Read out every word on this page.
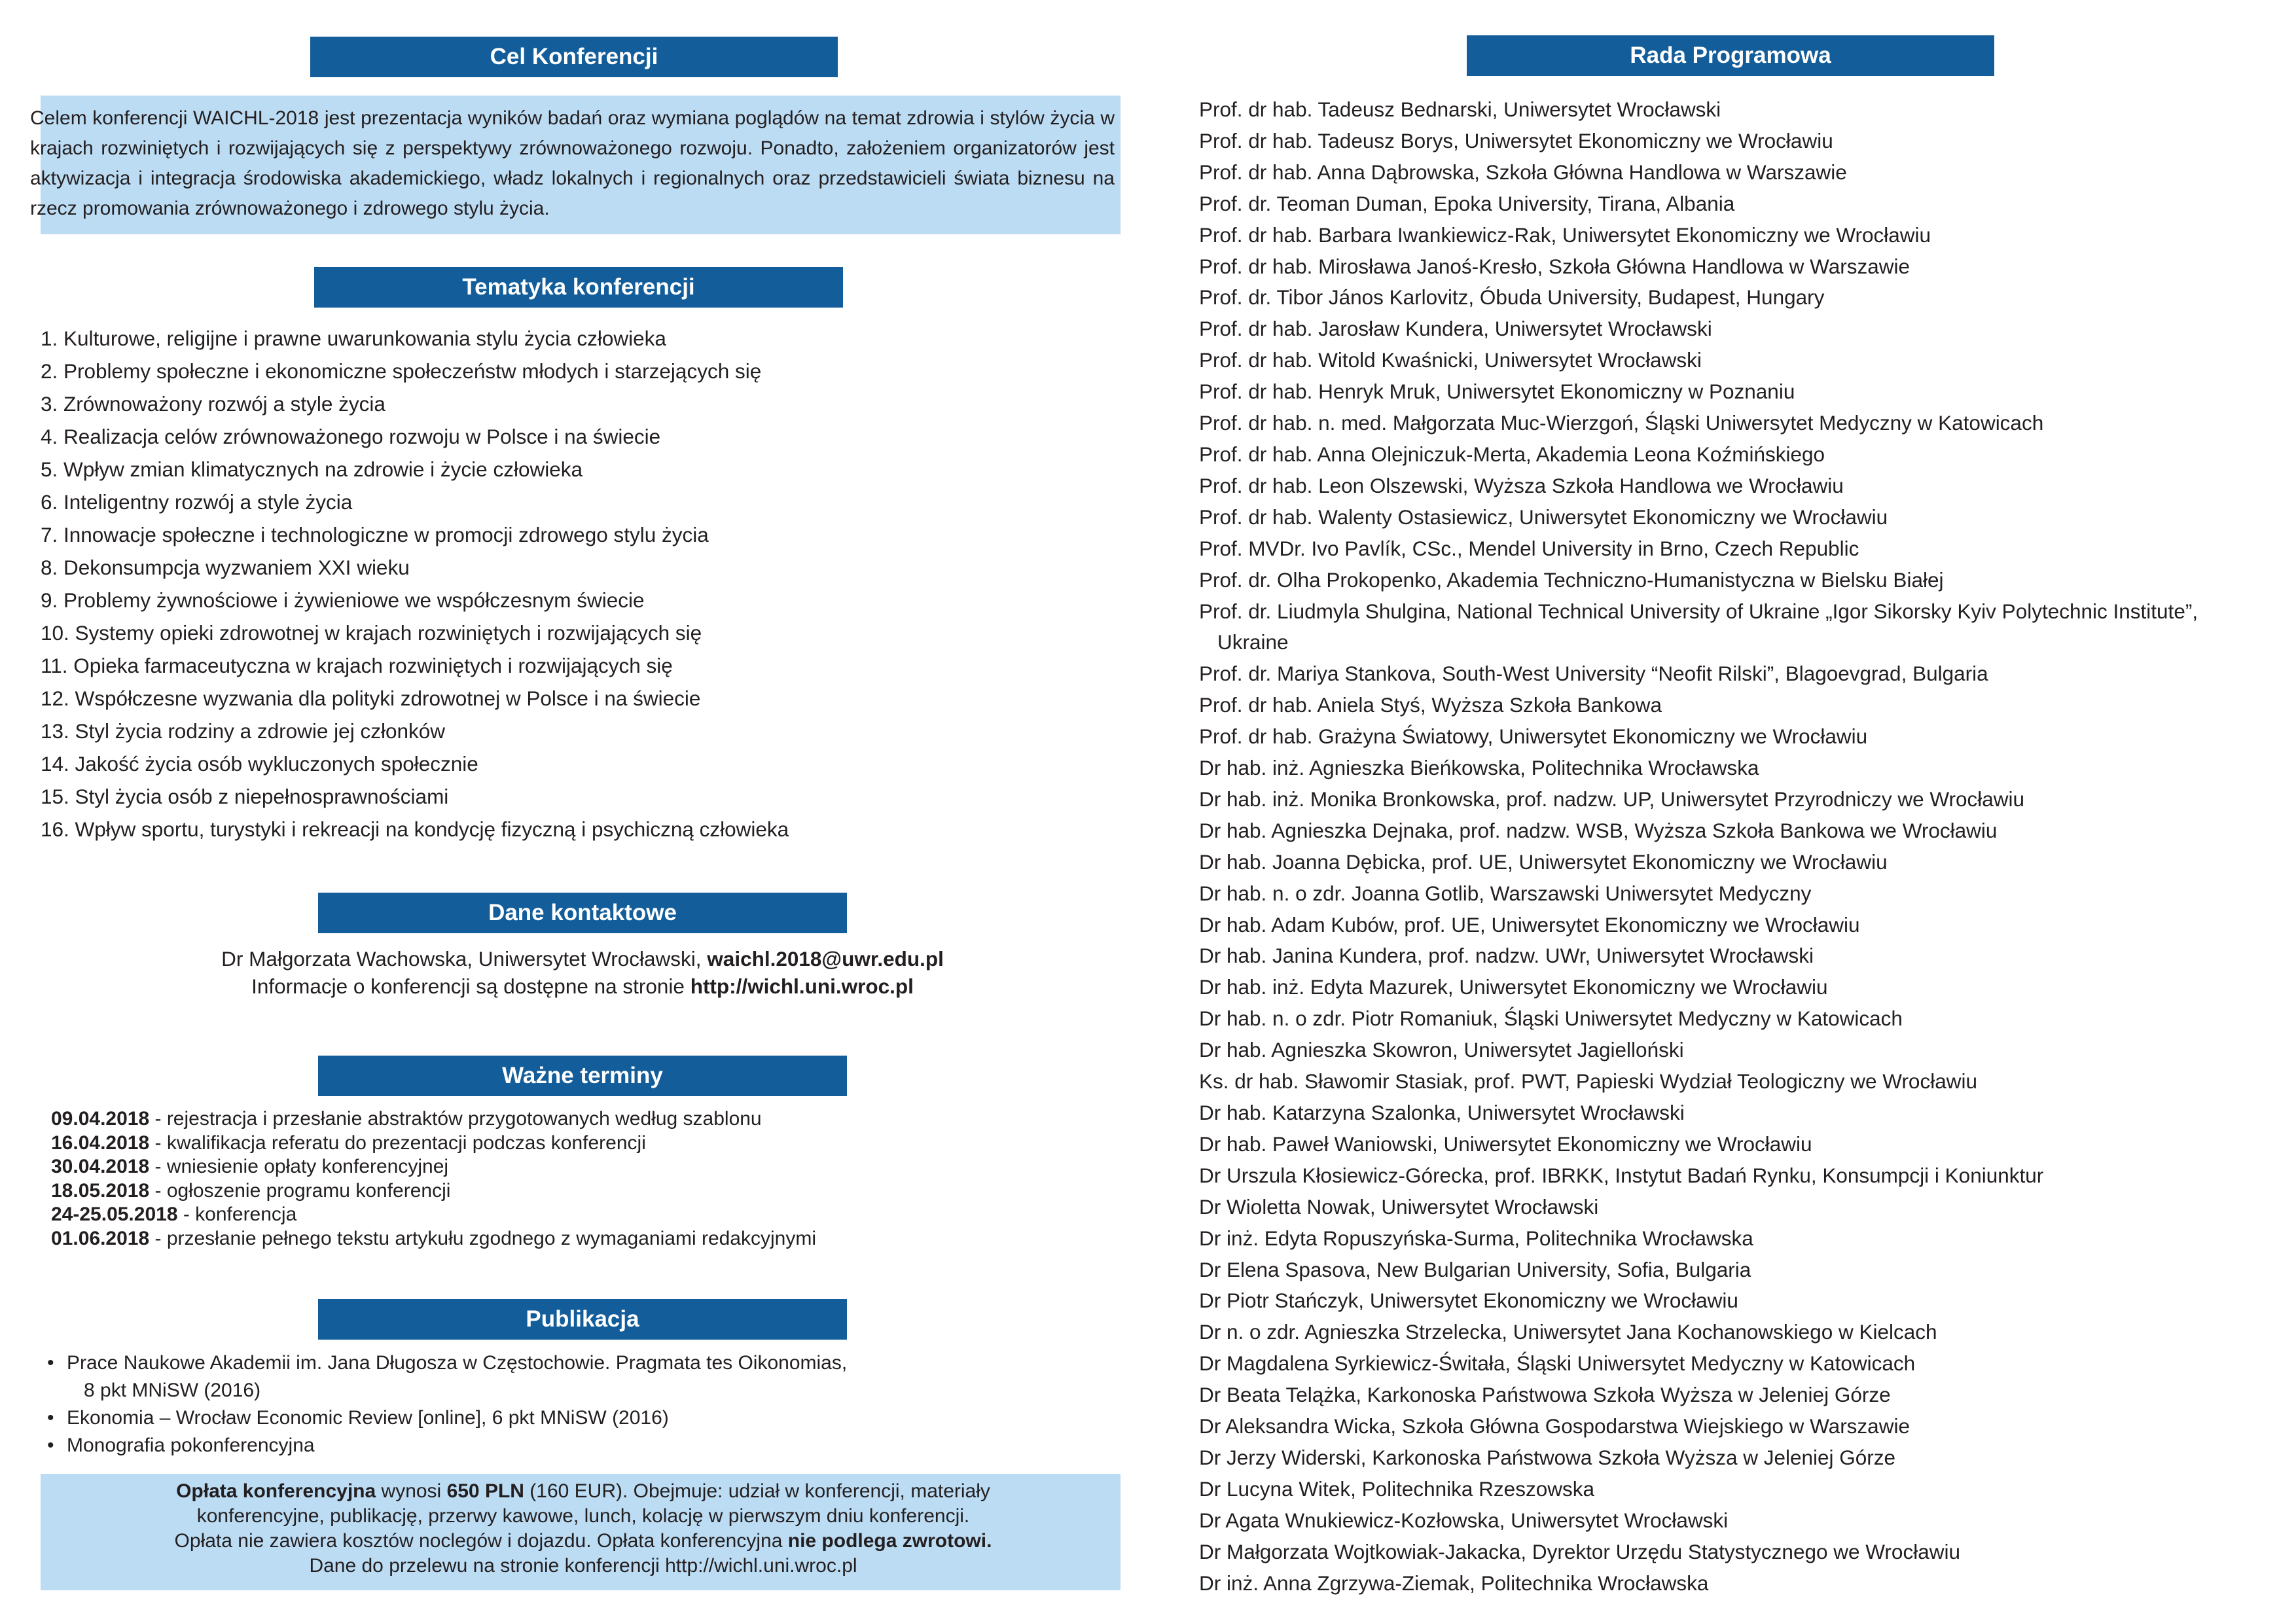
Cel Konferencji

Celem konferencji WAICHL-2018 jest prezentacja wyników badań oraz wymiana poglądów na temat zdrowia i stylów życia w krajach rozwiniętych i rozwijających się z perspektywy zrównoważonego rozwoju. Ponadto, założeniem organizatorów jest aktywizacja i integracja środowiska akademickiego, władz lokalnych i regionalnych oraz przedstawicieli świata biznesu na rzecz promowania zrównoważonego i zdrowego stylu życia.

Tematyka konferencji
1. Kulturowe, religijne i prawne uwarunkowania stylu życia człowieka
2. Problemy społeczne i ekonomiczne społeczeństw młodych i starzejących się
3. Zrównoważony rozwój a style życia
4. Realizacja celów zrównoważonego rozwoju w Polsce i na świecie
5. Wpływ zmian klimatycznych na zdrowie i życie człowieka
6. Inteligentny rozwój a style życia
7. Innowacje społeczne i technologiczne w promocji zdrowego stylu życia
8. Dekonsumpcja wyzwaniem XXI wieku
9. Problemy żywnościowe i żywieniowe we współczesnym świecie
10. Systemy opieki zdrowotnej w krajach rozwiniętych i rozwijających się
11. Opieka farmaceutyczna w krajach rozwiniętych i rozwijających się
12. Współczesne wyzwania dla polityki zdrowotnej w Polsce i na świecie
13. Styl życia rodziny a zdrowie jej członków
14. Jakość życia osób wykluczonych społecznie
15. Styl życia osób z niepełnosprawnościami
16. Wpływ sportu, turystyki i rekreacji na kondycję fizyczną i psychiczną człowieka
Dane kontaktowe
Dr Małgorzata Wachowska, Uniwersytet Wrocławski, waichl.2018@uwr.edu.pl
Informacje o konferencji są dostępne na stronie http://wichl.uni.wroc.pl
Ważne terminy
09.04.2018 - rejestracja i przesłanie abstraktów przygotowanych według szablonu
16.04.2018 - kwalifikacja referatu do prezentacji podczas konferencji
30.04.2018 - wniesienie opłaty konferencyjnej
18.05.2018 - ogłoszenie programu konferencji
24-25.05.2018 - konferencja
01.06.2018 - przesłanie pełnego tekstu artykułu zgodnego z wymaganiami redakcyjnymi
Publikacja
• Prace Naukowe Akademii im. Jana Długosza w Częstochowie. Pragmata tes Oikonomias,
8 pkt MNiSW (2016)
• Ekonomia – Wrocław Economic Review [online], 6 pkt MNiSW (2016)
• Monografia pokonferencyjna
Opłata konferencyjna wynosi 650 PLN (160 EUR). Obejmuje: udział w konferencji, materiały
konferencyjne, publikację, przerwy kawowe, lunch, kolację w pierwszym dniu konferencji.
Opłata nie zawiera kosztów noclegów i dojazdu. Opłata konferencyjna nie podlega zwrotowi.
Dane do przelewu na stronie konferencji http://wichl.uni.wroc.pl
Rada Programowa
Prof. dr hab. Tadeusz Bednarski, Uniwersytet Wrocławski
Prof. dr hab. Tadeusz Borys, Uniwersytet Ekonomiczny we Wrocławiu
Prof. dr hab. Anna Dąbrowska, Szkoła Główna Handlowa w Warszawie
Prof. dr. Teoman Duman, Epoka University, Tirana, Albania
Prof. dr hab. Barbara Iwankiewicz-Rak, Uniwersytet Ekonomiczny we Wrocławiu
Prof. dr hab. Mirosława Janoś-Kresło, Szkoła Główna Handlowa w Warszawie
Prof. dr. Tibor János Karlovitz, Óbuda University, Budapest, Hungary
Prof. dr hab. Jarosław Kundera, Uniwersytet Wrocławski
Prof. dr hab. Witold Kwaśnicki, Uniwersytet Wrocławski
Prof. dr hab. Henryk Mruk, Uniwersytet Ekonomiczny w Poznaniu
Prof. dr hab. n. med. Małgorzata Muc-Wierzgoń, Śląski Uniwersytet Medyczny w Katowicach
Prof. dr hab. Anna Olejniczuk-Merta, Akademia Leona Koźmińskiego
Prof. dr hab. Leon Olszewski, Wyższa Szkoła Handlowa we Wrocławiu
Prof. dr hab. Walenty Ostasiewicz, Uniwersytet Ekonomiczny we Wrocławiu
Prof. MVDr. Ivo Pavlík, CSc., Mendel University in Brno, Czech Republic
Prof. dr. Olha Prokopenko, Akademia Techniczno-Humanistyczna w Bielsku Białej
Prof. dr. Liudmyla Shulgina, National Technical University of Ukraine „Igor Sikorsky Kyiv Polytechnic Institute”, Ukraine
Prof. dr. Mariya Stankova, South-West University “Neofit Rilski”, Blagoevgrad, Bulgaria
Prof. dr hab. Aniela Styś, Wyższa Szkoła Bankowa
Prof. dr hab. Grażyna Światowy, Uniwersytet Ekonomiczny we Wrocławiu
Dr hab. inż. Agnieszka Bieńkowska, Politechnika Wrocławska
Dr hab. inż. Monika Bronkowska, prof. nadzw. UP, Uniwersytet Przyrodniczy we Wrocławiu
Dr hab. Agnieszka Dejnaka, prof. nadzw. WSB, Wyższa Szkoła Bankowa we Wrocławiu
Dr hab. Joanna Dębicka, prof. UE, Uniwersytet Ekonomiczny we Wrocławiu
Dr hab. n. o zdr. Joanna Gotlib, Warszawski Uniwersytet Medyczny
Dr hab. Adam Kubów, prof. UE, Uniwersytet Ekonomiczny we Wrocławiu
Dr hab. Janina Kundera, prof. nadzw. UWr, Uniwersytet Wrocławski
Dr hab. inż. Edyta Mazurek, Uniwersytet Ekonomiczny we Wrocławiu
Dr hab. n. o zdr. Piotr Romaniuk, Śląski Uniwersytet Medyczny w Katowicach
Dr hab. Agnieszka Skowron, Uniwersytet Jagielloński
Ks. dr hab. Sławomir Stasiak, prof. PWT, Papieski Wydział Teologiczny we Wrocławiu
Dr hab. Katarzyna Szalonka, Uniwersytet Wrocławski
Dr hab. Paweł Waniowski, Uniwersytet Ekonomiczny we Wrocławiu
Dr Urszula Kłosiewicz-Górecka, prof. IBRKK, Instytut Badań Rynku, Konsumpcji i Koniunktur
Dr Wioletta Nowak, Uniwersytet Wrocławski
Dr inż. Edyta Ropuszyńska-Surma, Politechnika Wrocławska
Dr Elena Spasova, New Bulgarian University, Sofia, Bulgaria
Dr Piotr Stańczyk, Uniwersytet Ekonomiczny we Wrocławiu
Dr n. o zdr. Agnieszka Strzelecka, Uniwersytet Jana Kochanowskiego w Kielcach
Dr Magdalena Syrkiewicz-Świtała, Śląski Uniwersytet Medyczny w Katowicach
Dr Beata Telążka, Karkonoska Państwowa Szkoła Wyższa w Jeleniej Górze
Dr Aleksandra Wicka, Szkoła Główna Gospodarstwa Wiejskiego w Warszawie
Dr Jerzy Widerski, Karkonoska Państwowa Szkoła Wyższa w Jeleniej Górze
Dr Lucyna Witek, Politechnika Rzeszowska
Dr Agata Wnukiewicz-Kozłowska, Uniwersytet Wrocławski
Dr Małgorzata Wojtkowiak-Jakacka, Dyrektor Urzędu Statystycznego we Wrocławiu
Dr inż. Anna Zgrzywa-Ziemak, Politechnika Wrocławska
